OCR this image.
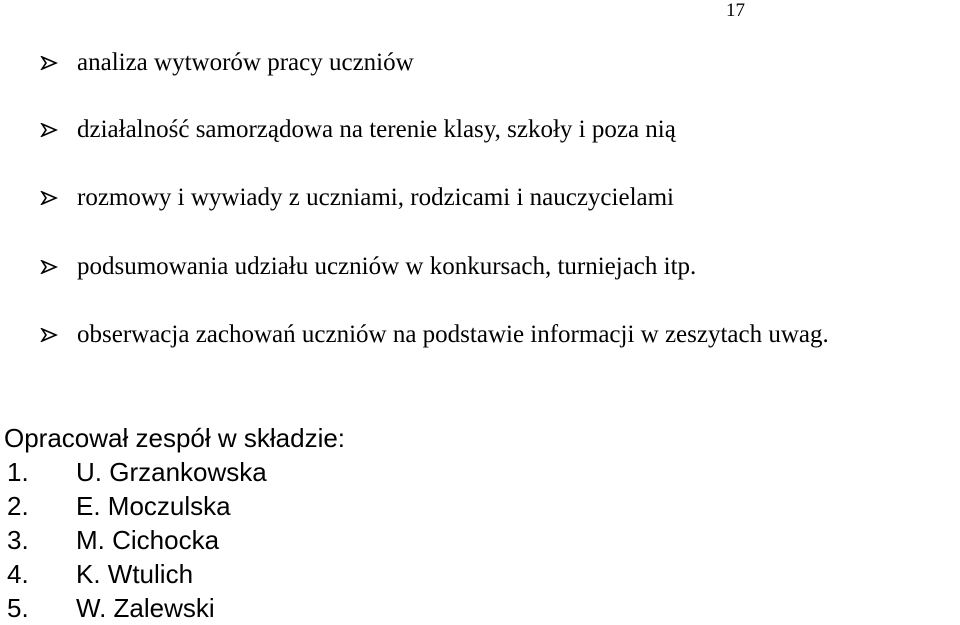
17
analiza wytworów pracy uczniów
działalność samorządowa na terenie klasy, szkoły i poza nią
rozmowy i wywiady z uczniami, rodzicami i nauczycielami
podsumowania udziału uczniów w konkursach, turniejach itp.
obserwacja zachowań uczniów na podstawie informacji w zeszytach uwag.
Opracował zespół w składzie:
1. U. Grzankowska
2. E. Moczulska
3. M. Cichocka
4. K. Wtulich
5. W. Zalewski
